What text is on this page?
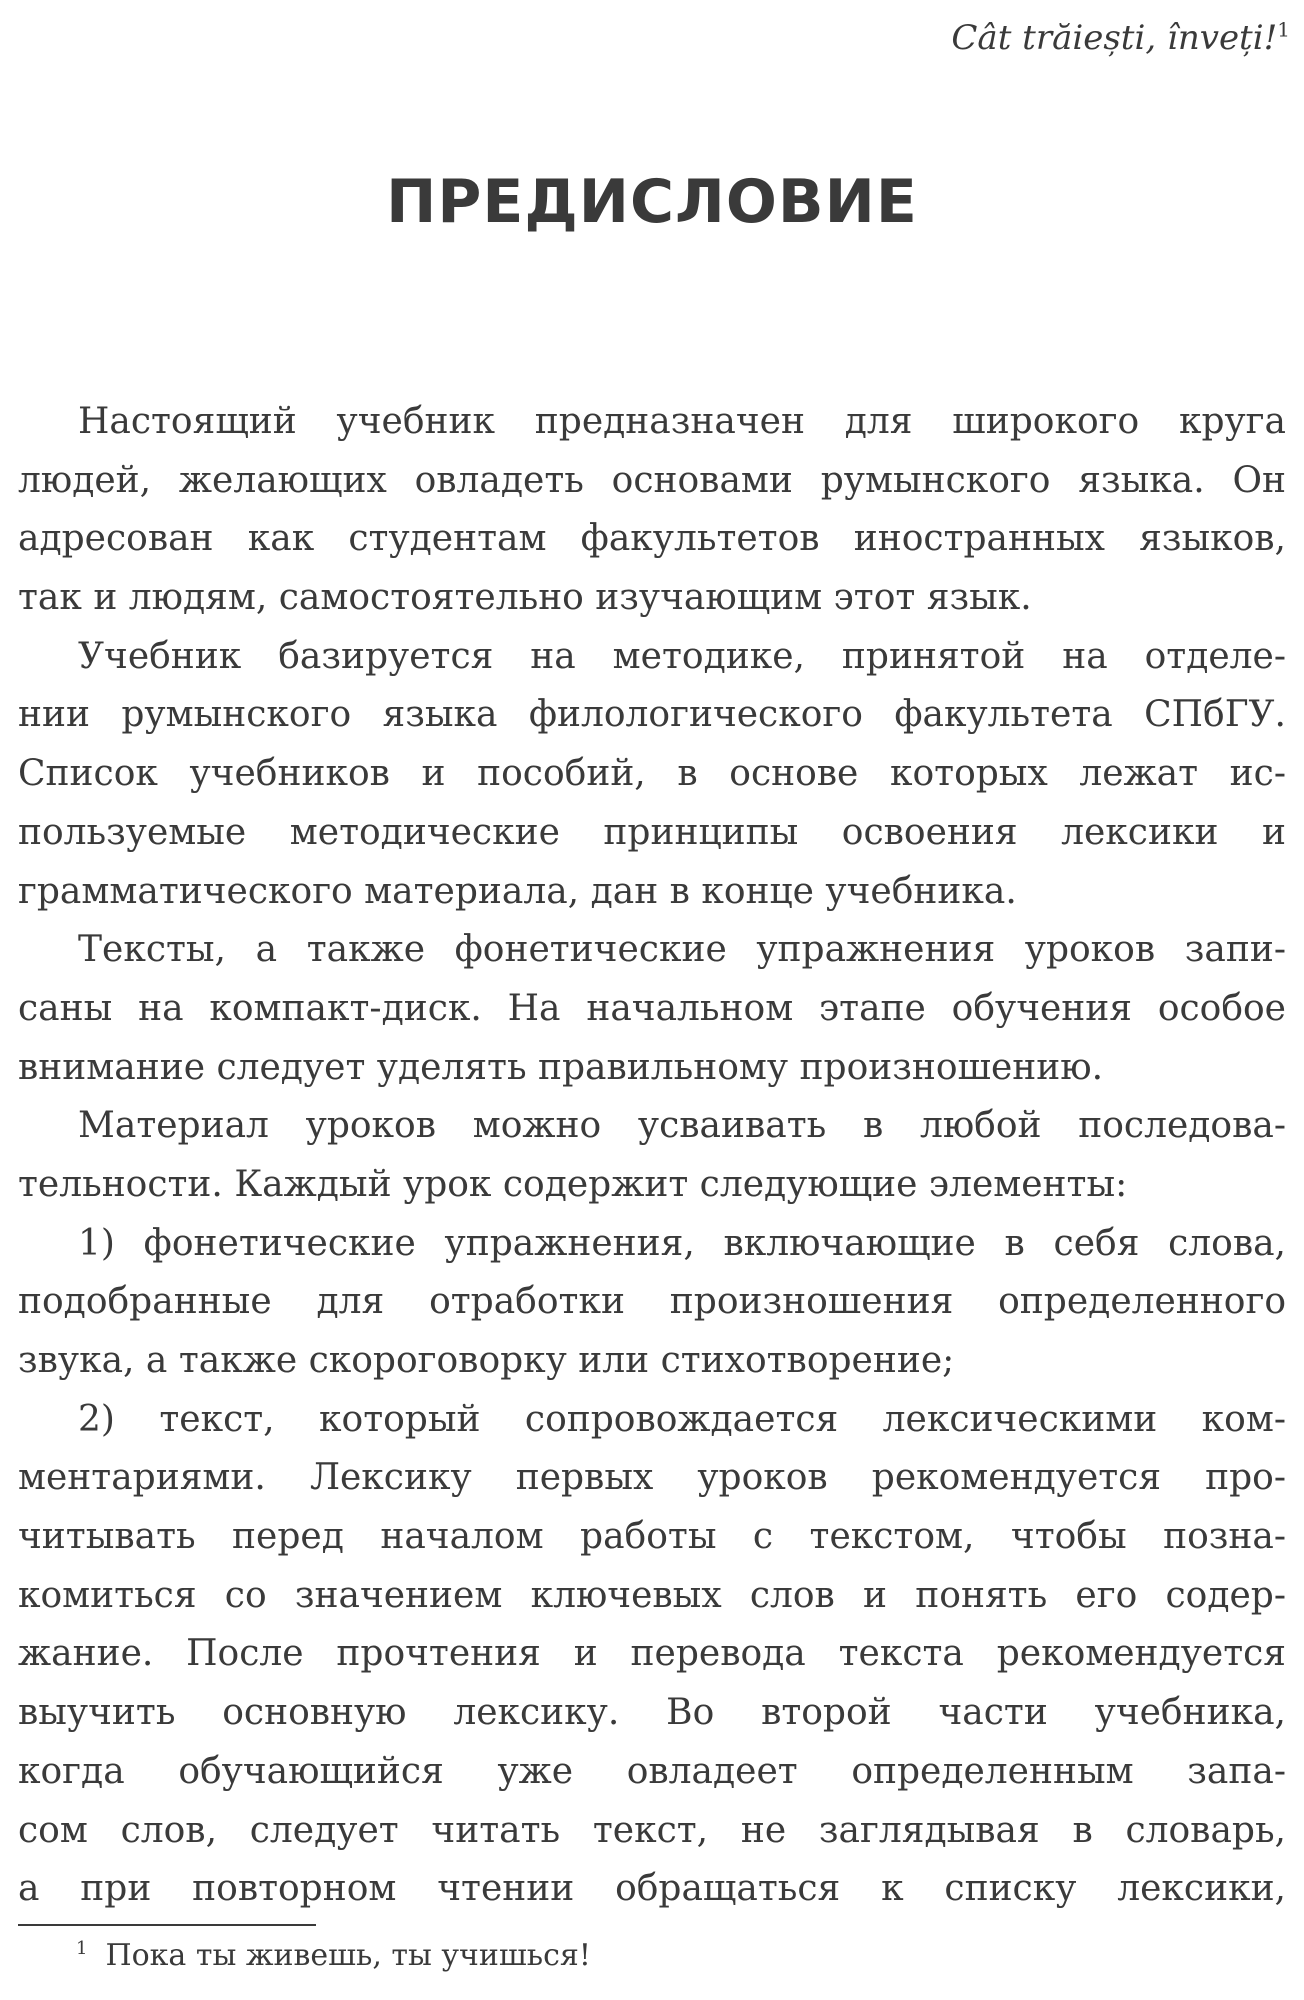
Cât trăiești, înveți!$^1$
ПРЕДИСЛОВИЕ
Настоящий учебник предназначен для широкого круга
людей, желающих овладеть основами румынского языка. Он
адресован как студентам факультетов иностранных языков,
так и людям, самостоятельно изучающим этот язык.
Учебник базируется на методике, принятой на отделе-
нии румынского языка филологического факультета СПбГУ.
Список учебников и пособий, в основе которых лежат ис-
пользуемые методические принципы освоения лексики и
грамматического материала, дан в конце учебника.
Тексты, а также фонетические упражнения уроков запи-
саны на компакт-диск. На начальном этапе обучения особое
внимание следует уделять правильному произношению.
Материал уроков можно усваивать в любой последова-
тельности. Каждый урок содержит следующие элементы:
1) фонетические упражнения, включающие в себя слова,
подобранные для отработки произношения определенного
звука, а также скороговорку или стихотворение;
2) текст, который сопровождается лексическими ком-
ментариями. Лексику первых уроков рекомендуется про-
читывать перед началом работы с текстом, чтобы позна-
комиться со значением ключевых слов и понять его содер-
жание. После прочтения и перевода текста рекомендуется
выучить основную лексику. Во второй части учебника,
когда обучающийся уже овладеет определенным запа-
сом слов, следует читать текст, не заглядывая в словарь,
а при повторном чтении обращаться к списку лексики,
$^1$ Пока ты живешь, ты учишься!
